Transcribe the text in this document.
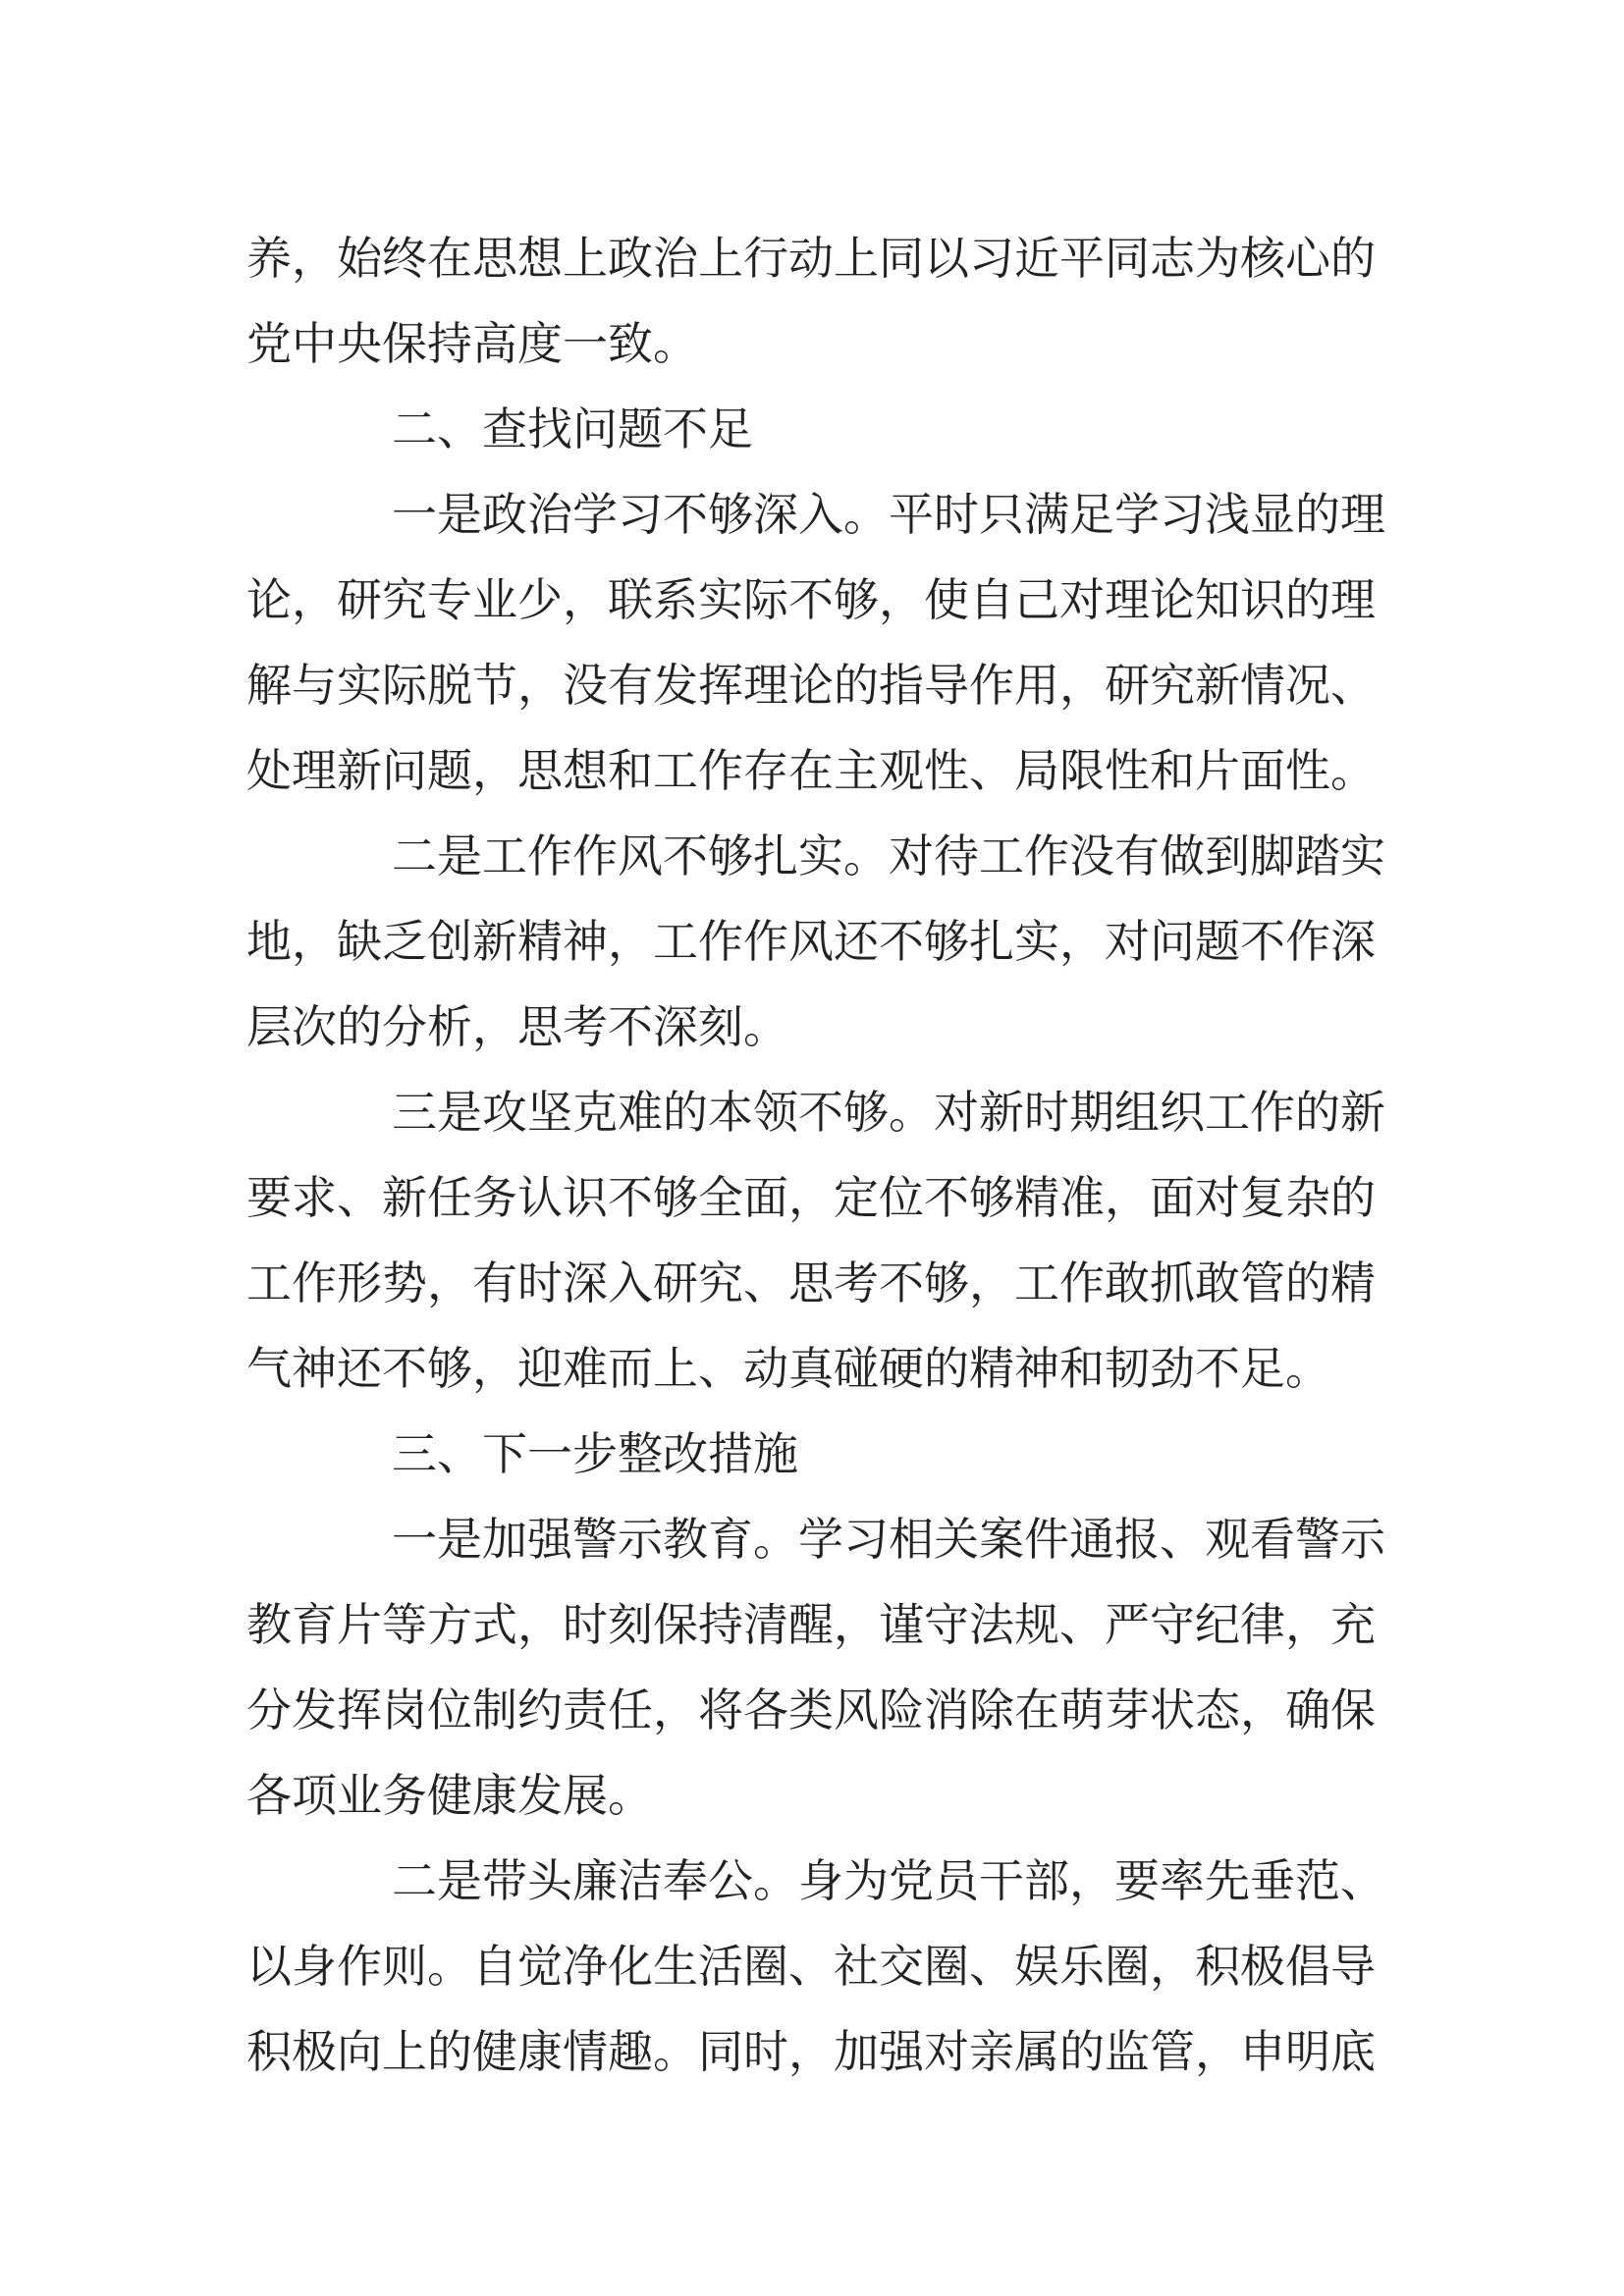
养，始终在思想上政治上行动上同以习近平同志为核心的
党中央保持高度一致。

二、查找问题不足

一是政治学习不够深入。平时只满足学习浅显的理
论，研究专业少，联系实际不够，使自己对理论知识的理
解与实际脱节，没有发挥理论的指导作用，研究新情况、
处理新问题，思想和工作存在主观性、局限性和片面性。

二是工作作风不够扎实。对待工作没有做到脚踏实
地，缺乏创新精神，工作作风还不够扎实，对问题不作深
层次的分析，思考不深刻。

三是攻坚克难的本领不够。对新时期组织工作的新
要求、新任务认识不够全面，定位不够精准，面对复杂的
工作形势，有时深入研究、思考不够，工作敢抓敢管的精
气神还不够，迎难而上、动真碰硬的精神和韧劲不足。

三、下一步整改措施

一是加强警示教育。学习相关案件通报、观看警示
教育片等方式，时刻保持清醒，谨守法规、严守纪律，充
分发挥岗位制约责任，将各类风险消除在萌芽状态，确保
各项业务健康发展。

二是带头廉洁奉公。身为党员干部，要率先垂范、
以身作则。自觉净化生活圈、社交圈、娱乐圈，积极倡导
积极向上的健康情趣。同时，加强对亲属的监管，申明底
